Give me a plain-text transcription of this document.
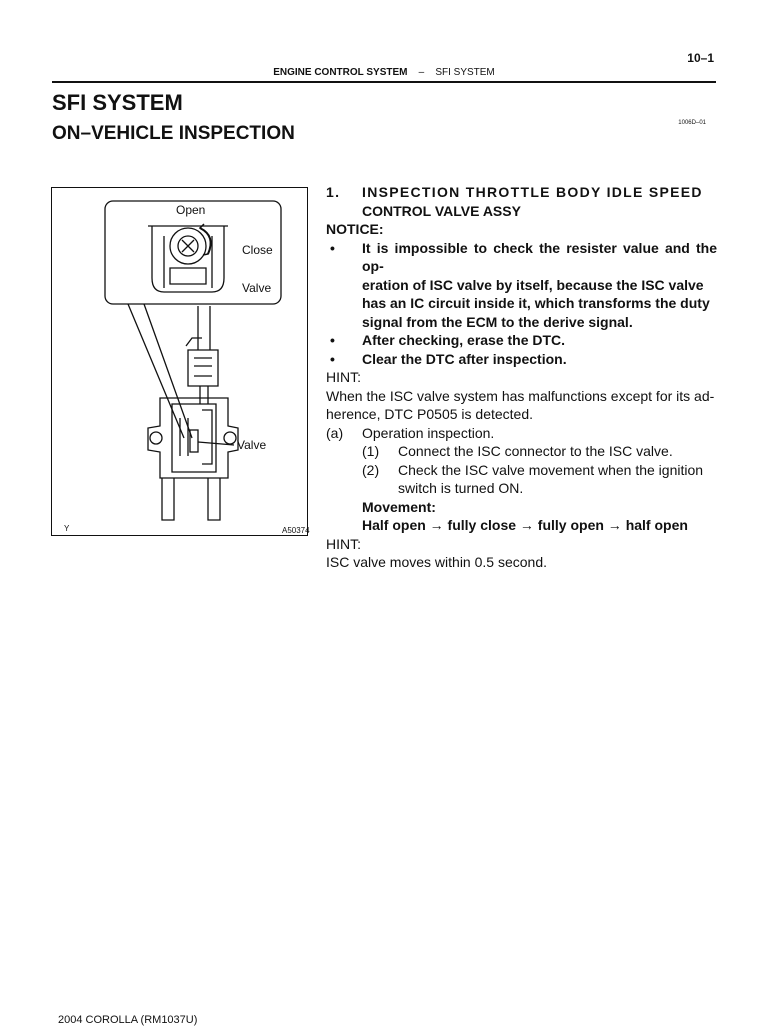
10–1
ENGINE CONTROL SYSTEM – SFI SYSTEM
SFI SYSTEM
ON–VEHICLE INSPECTION	1006D–01
Open
Close
Valve
Valve
Y	A50374
1. INSPECTION THROTTLE BODY IDLE SPEED
CONTROL VALVE ASSY
NOTICE:
• It is impossible to check the resister value and the op-
eration of ISC valve by itself, because the ISC valve
has an IC circuit inside it, which transforms the duty
signal from the ECM to the derive signal.
• After checking, erase the DTC.
• Clear the DTC after inspection.
HINT:
When the ISC valve system has malfunctions except for its ad-
herence, DTC P0505 is detected.
(a) Operation inspection.
(1) Connect the ISC connector to the ISC valve.
(2) Check the ISC valve movement when the ignition
switch is turned ON.
Movement:
Half open → fully close → fully open → half open
HINT:
ISC valve moves within 0.5 second.
2004 COROLLA (RM1037U)
